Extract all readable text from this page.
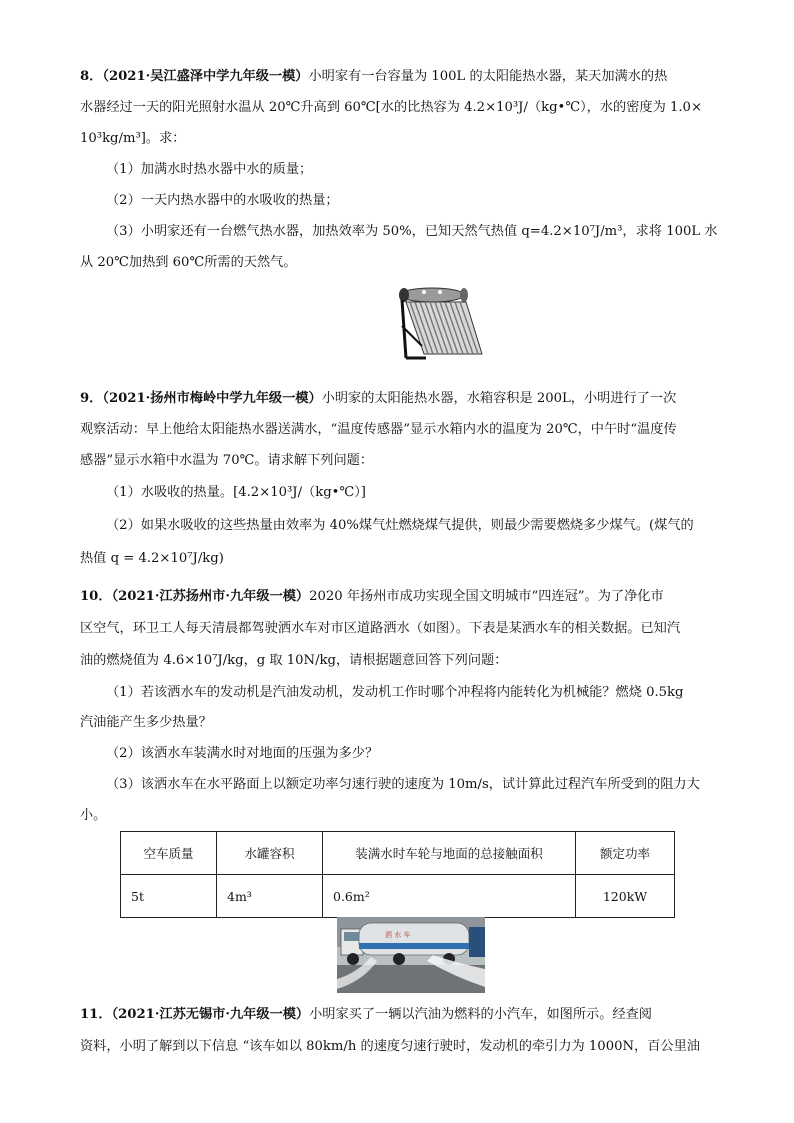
8．（2021·吴江盛泽中学九年级一模）小明家有一台容量为 100L 的太阳能热水器，某天加满水的热
水器经过一天的阳光照射水温从 20℃升高到 60℃[水的比热容为 4.2×10³J/（kg•℃），水的密度为 1.0×
10³kg/m³]。求：
（1）加满水时热水器中水的质量；
（2）一天内热水器中的水吸收的热量；
（3）小明家还有一台燃气热水器，加热效率为 50%，已知天然气热值 q=4.2×10⁷J/m³，求将 100L 水
从 20℃加热到 60℃所需的天然气。
9．（2021·扬州市梅岭中学九年级一模）小明家的太阳能热水器，水箱容积是 200L，小明进行了一次
观察活动：早上他给太阳能热水器送满水，“温度传感器”显示水箱内水的温度为 20℃，中午时“温度传
感器”显示水箱中水温为 70℃。请求解下列问题：
（1）水吸收的热量。[4.2×10³J/（kg•℃）]
（2）如果水吸收的这些热量由效率为 40%煤气灶燃烧煤气提供，则最少需要燃烧多少煤气。(煤气的
热值 q = 4.2×10⁷J/kg)
10．（2021·江苏扬州市·九年级一模）2020 年扬州市成功实现全国文明城市“四连冠”。为了净化市
区空气，环卫工人每天清晨都驾驶洒水车对市区道路洒水（如图）。下表是某洒水车的相关数据。已知汽
油的燃烧值为 4.6×10⁷J/kg，g 取 10N/kg，请根据题意回答下列问题：
（1）若该洒水车的发动机是汽油发动机，发动机工作时哪个冲程将内能转化为机械能？燃烧 0.5kg
汽油能产生多少热量？
（2）该洒水车装满水时对地面的压强为多少？
（3）该洒水车在水平路面上以额定功率匀速行驶的速度为 10m/s，试计算此过程汽车所受到的阻力大
小。
空车质量	水罐容积	装满水时车轮与地面的总接触面积	额定功率
5t	4m³	0.6m²	120kW
洒 水 车
11．（2021·江苏无锡市·九年级一模）小明家买了一辆以汽油为燃料的小汽车，如图所示。经查阅
资料，小明了解到以下信息 “该车如以 80km/h 的速度匀速行驶时，发动机的牵引力为 1000N，百公里油
